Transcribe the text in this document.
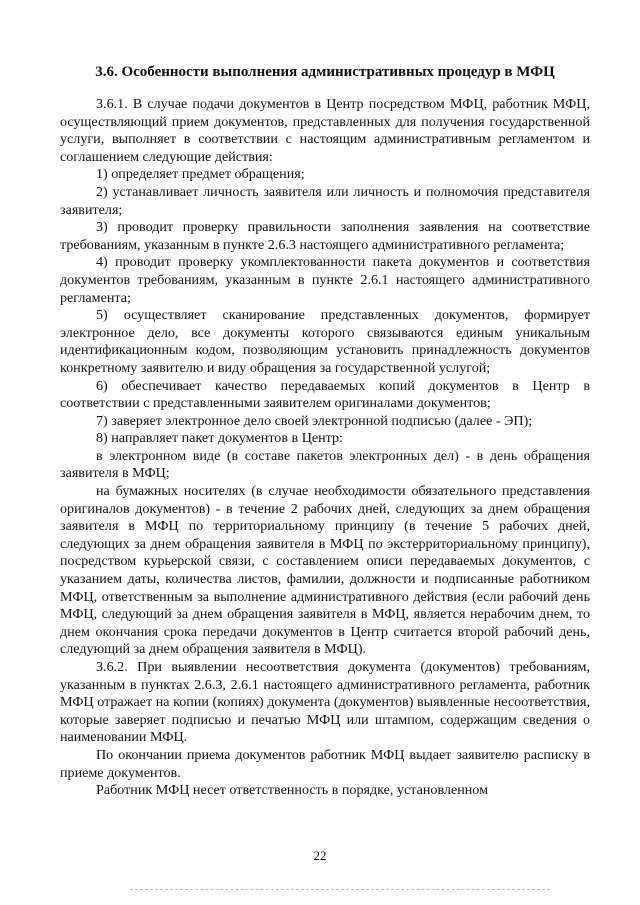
3.6. Особенности выполнения административных процедур в МФЦ

3.6.1. В случае подачи документов в Центр посредством МФЦ, работник МФЦ, осуществляющий прием документов, представленных для получения государственной услуги, выполняет в соответствии с настоящим административным регламентом и соглашением следующие действия:

1) определяет предмет обращения;

2) устанавливает личность заявителя или личность и полномочия представителя заявителя;

3) проводит проверку правильности заполнения заявления на соответствие требованиям, указанным в пункте 2.6.3 настоящего административного регламента;

4) проводит проверку укомплектованности пакета документов и соответствия документов требованиям, указанным в пункте 2.6.1 настоящего административного регламента;

5) осуществляет сканирование представленных документов, формирует электронное дело, все документы которого связываются единым уникальным идентификационным кодом, позволяющим установить принадлежность документов конкретному заявителю и виду обращения за государственной услугой;

6) обеспечивает качество передаваемых копий документов в Центр в соответствии с представленными заявителем оригиналами документов;

7) заверяет электронное дело своей электронной подписью (далее - ЭП);

8) направляет пакет документов в Центр:

в электронном виде (в составе пакетов электронных дел) - в день обращения заявителя в МФЦ;

на бумажных носителях (в случае необходимости обязательного представления оригиналов документов) - в течение 2 рабочих дней, следующих за днем обращения заявителя в МФЦ по территориальному принципу (в течение 5 рабочих дней, следующих за днем обращения заявителя в МФЦ по экстерриториальному принципу), посредством курьерской связи, с составлением описи передаваемых документов, с указанием даты, количества листов, фамилии, должности и подписанные работником МФЦ, ответственным за выполнение административного действия (если рабочий день МФЦ, следующий за днем обращения заявителя в МФЦ, является нерабочим днем, то днем окончания срока передачи документов в Центр считается второй рабочий день, следующий за днем обращения заявителя в МФЦ).

3.6.2. При выявлении несоответствия документа (документов) требованиям, указанным в пунктах 2.6.3, 2.6.1 настоящего административного регламента, работник МФЦ отражает на копии (копиях) документа (документов) выявленные несоответствия, которые заверяет подписью и печатью МФЦ или штампом, содержащим сведения о наименовании МФЦ.

По окончании приема документов работник МФЦ выдает заявителю расписку в приеме документов.

Работник МФЦ несет ответственность в порядке, установленном

22
